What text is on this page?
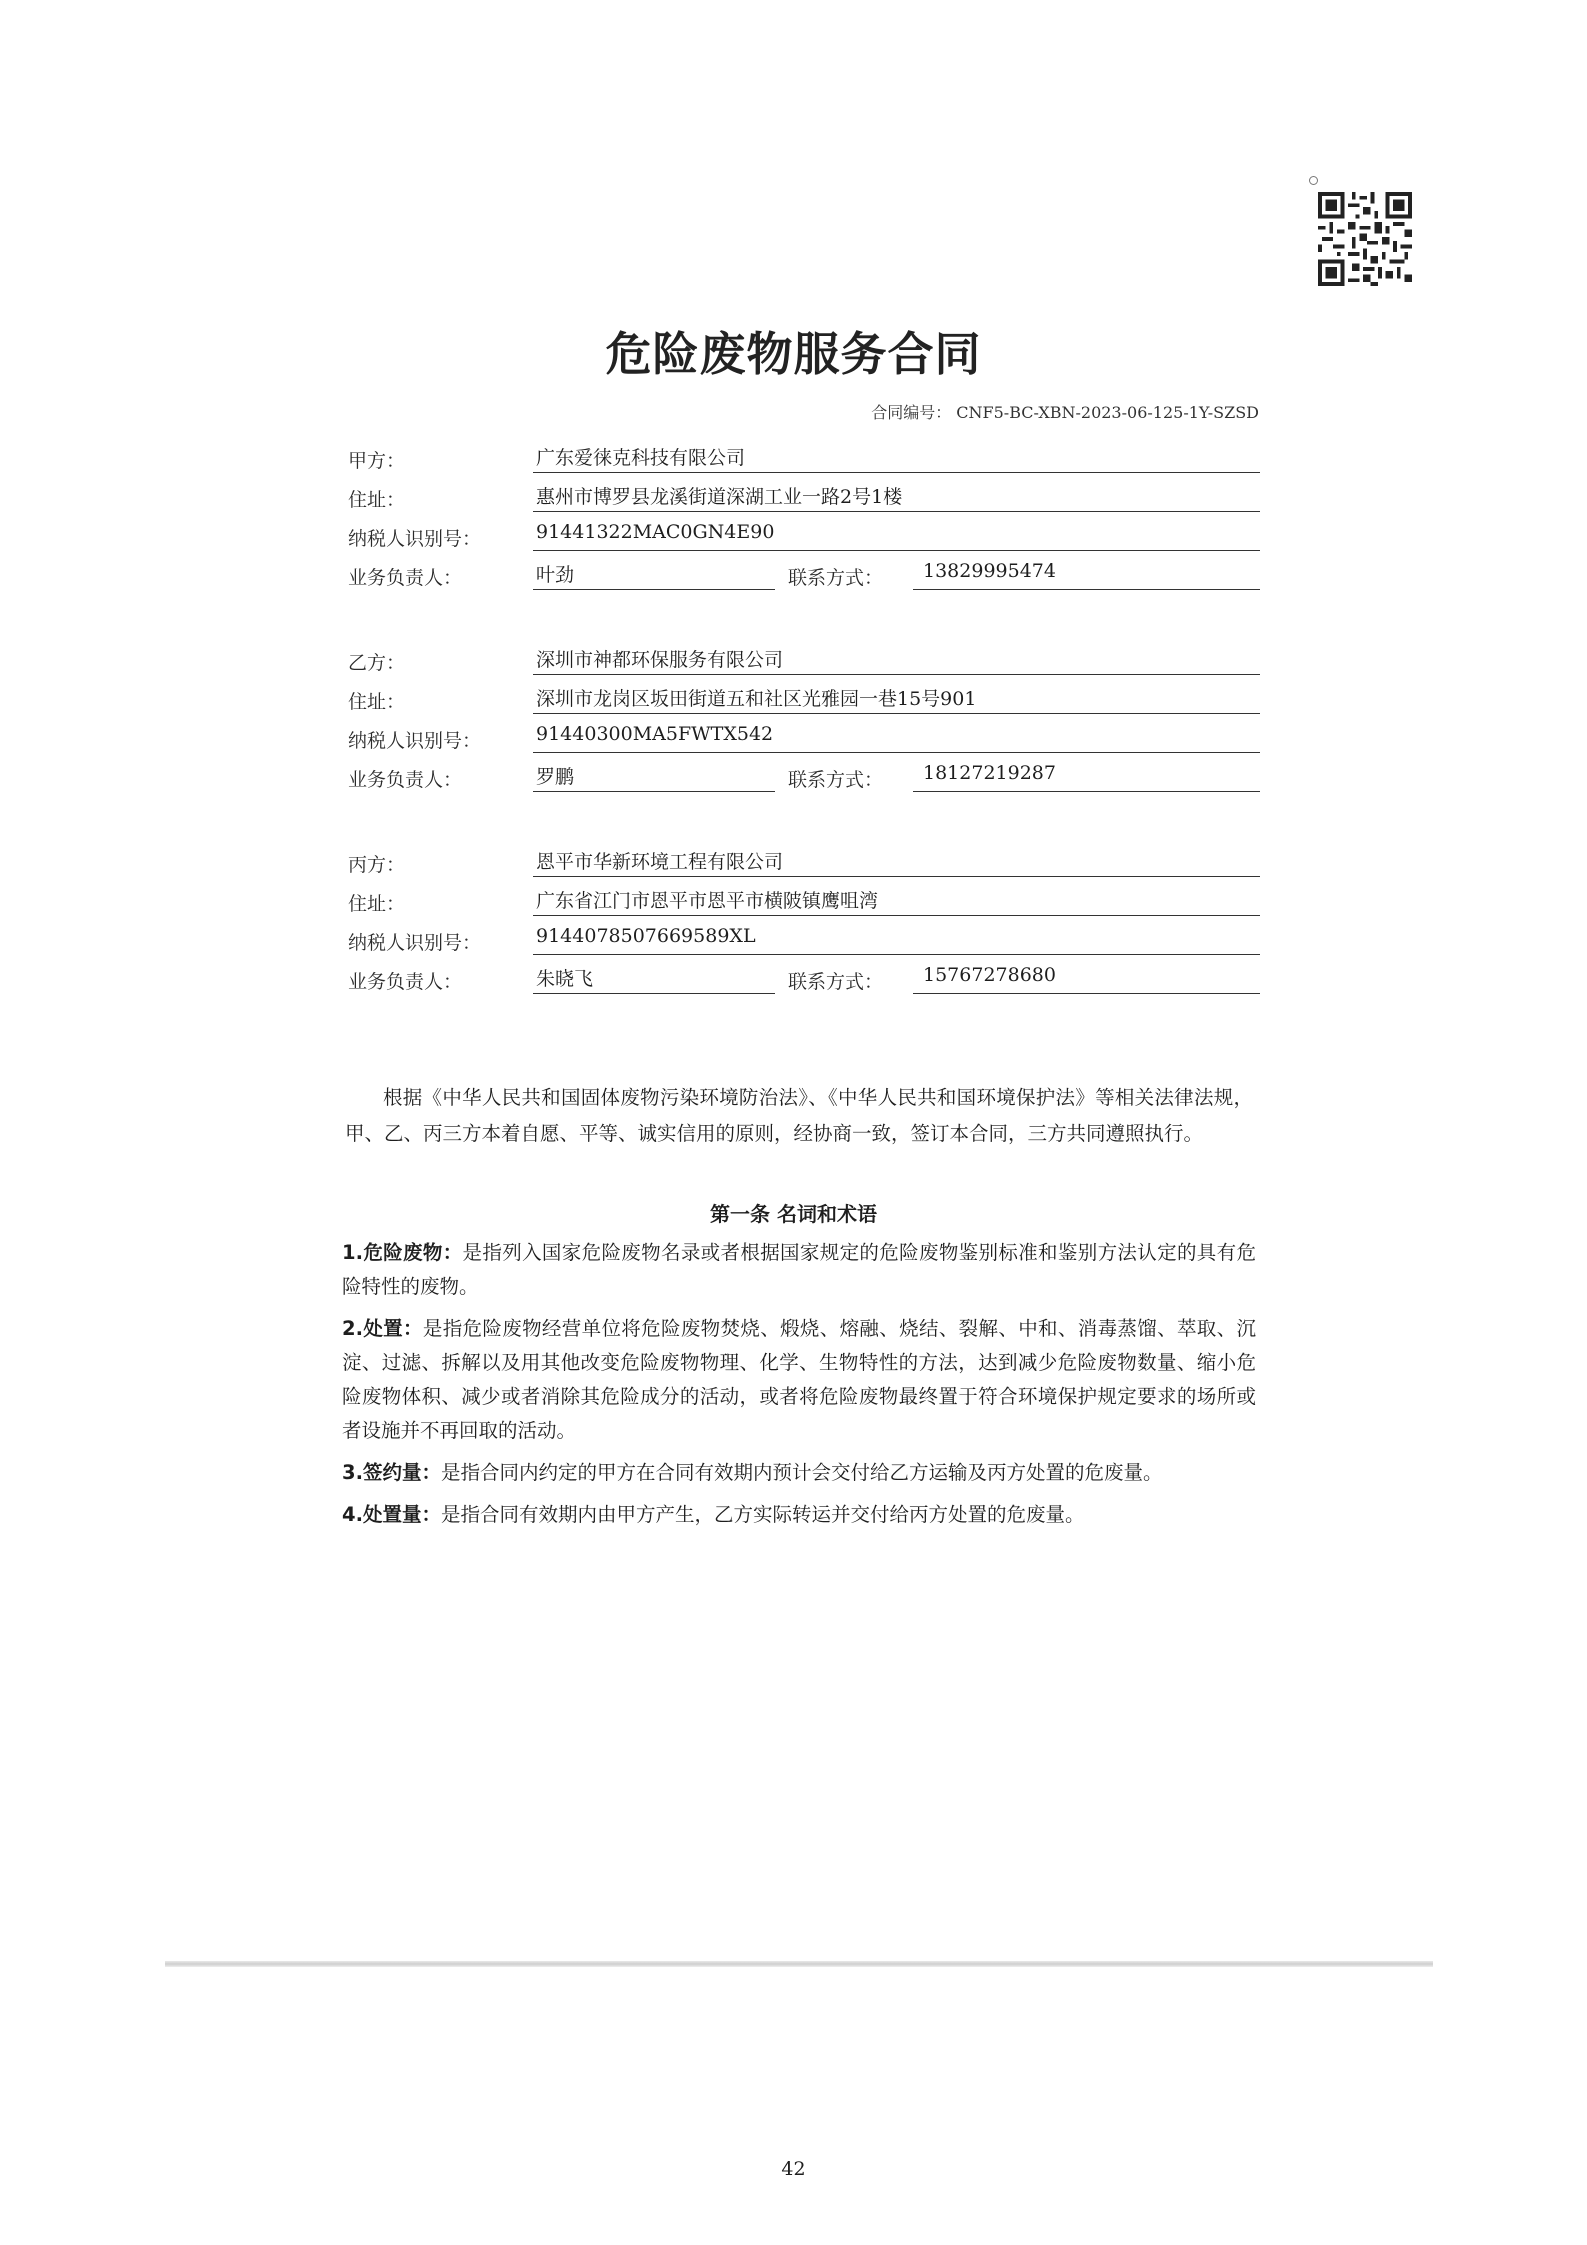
危险废物服务合同
合同编号： CNF5-BC-XBN-2023-06-125-1Y-SZSD
甲方：	广东爱徕克科技有限公司
住址：	惠州市博罗县龙溪街道深湖工业一路2号1楼
纳税人识别号：	91441322MAC0GN4E90
业务负责人：	叶劲	联系方式：	13829995474
乙方：	深圳市神都环保服务有限公司
住址：	深圳市龙岗区坂田街道五和社区光雅园一巷15号901
纳税人识别号：	91440300MA5FWTX542
业务负责人：	罗鹏	联系方式：	18127219287
丙方：	恩平市华新环境工程有限公司
住址：	广东省江门市恩平市恩平市横陂镇鹰咀湾
纳税人识别号：	9144078507669589XL
业务负责人：	朱晓飞	联系方式：	15767278680

根据《中华人民共和国固体废物污染环境防治法》、《中华人民共和国环境保护法》等相关法律法规，甲、乙、丙三方本着自愿、平等、诚实信用的原则，经协商一致，签订本合同，三方共同遵照执行。

第一条 名词和术语
1.危险废物：是指列入国家危险废物名录或者根据国家规定的危险废物鉴别标准和鉴别方法认定的具有危险特性的废物。
2.处置：是指危险废物经营单位将危险废物焚烧、煅烧、熔融、烧结、裂解、中和、消毒蒸馏、萃取、沉淀、过滤、拆解以及用其他改变危险废物物理、化学、生物特性的方法，达到减少危险废物数量、缩小危险废物体积、减少或者消除其危险成分的活动，或者将危险废物最终置于符合环境保护规定要求的场所或者设施并不再回取的活动。
3.签约量：是指合同内约定的甲方在合同有效期内预计会交付给乙方运输及丙方处置的危废量。
4.处置量：是指合同有效期内由甲方产生，乙方实际转运并交付给丙方处置的危废量。
42
